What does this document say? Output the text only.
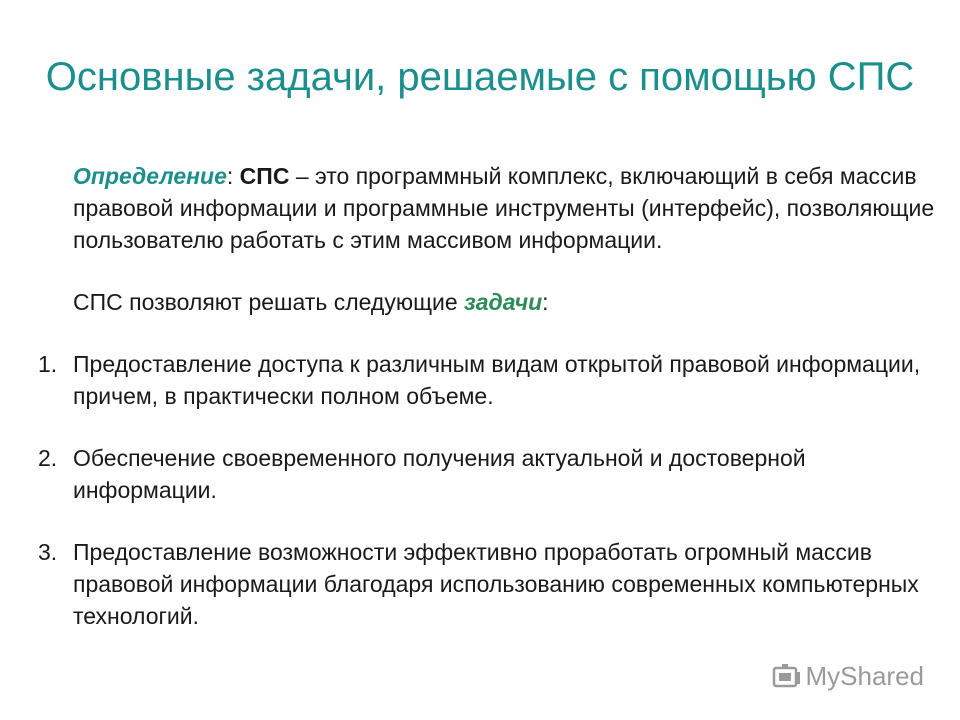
Основные задачи, решаемые с помощью СПС
Определение: СПС – это программный комплекс, включающий в себя массив правовой информации и программные инструменты (интерфейс), позволяющие пользователю работать с этим массивом информации.
СПС позволяют решать следующие задачи:
1. Предоставление доступа к различным видам открытой правовой информации, причем, в практически полном объеме.
2. Обеспечение своевременного получения актуальной и достоверной информации.
3. Предоставление возможности эффективно проработать огромный массив правовой информации благодаря использованию современных компьютерных технологий.
MyShared
